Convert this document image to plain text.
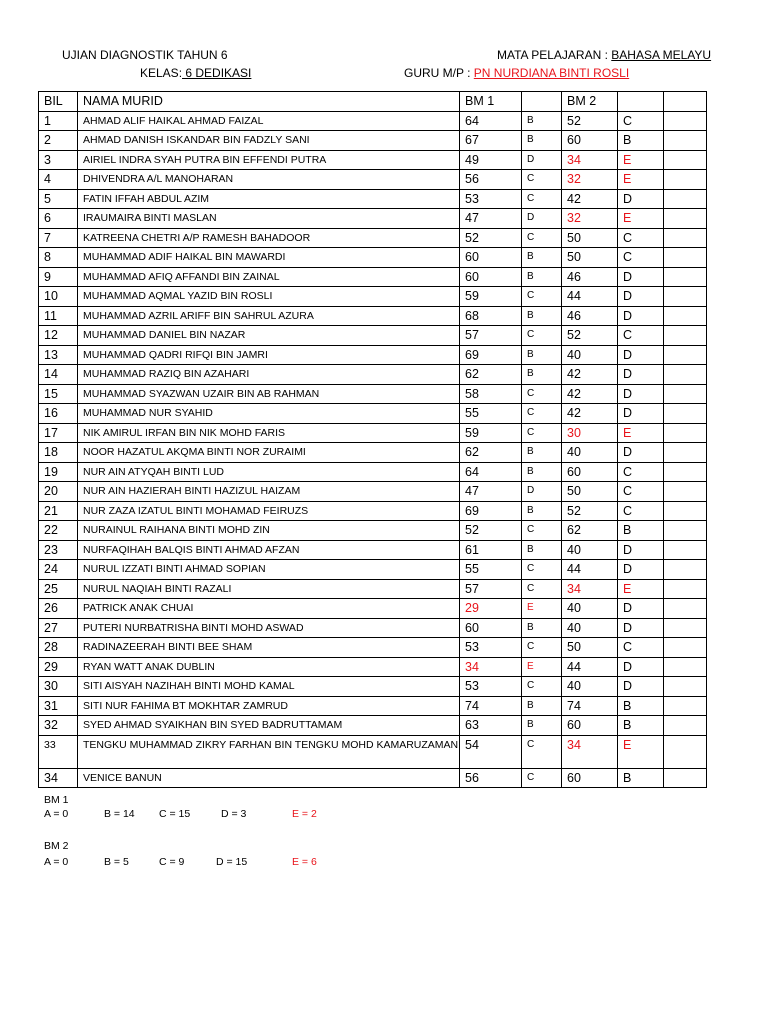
UJIAN DIAGNOSTIK TAHUN 6
KELAS: 6 DEDIKASI
MATA PELAJARAN : BAHASA MELAYU
GURU M/P : PN NURDIANA BINTI ROSLI
BIL	NAMA MURID	BM 1		BM 2		
1	AHMAD ALIF HAIKAL AHMAD FAIZAL	64	B	52	C	
2	AHMAD DANISH ISKANDAR BIN FADZLY SANI	67	B	60	B	
3	AIRIEL INDRA SYAH PUTRA BIN EFFENDI PUTRA	49	D	34	E	
4	DHIVENDRA A/L MANOHARAN	56	C	32	E	
5	FATIN IFFAH ABDUL AZIM	53	C	42	D	
6	IRAUMAIRA BINTI MASLAN	47	D	32	E	
7	KATREENA CHETRI A/P RAMESH BAHADOOR	52	C	50	C	
8	MUHAMMAD ADIF HAIKAL BIN MAWARDI	60	B	50	C	
9	MUHAMMAD AFIQ AFFANDI BIN ZAINAL	60	B	46	D	
10	MUHAMMAD AQMAL YAZID BIN ROSLI	59	C	44	D	
11	MUHAMMAD AZRIL ARIFF BIN SAHRUL AZURA	68	B	46	D	
12	MUHAMMAD DANIEL BIN NAZAR	57	C	52	C	
13	MUHAMMAD QADRI RIFQI BIN JAMRI	69	B	40	D	
14	MUHAMMAD RAZIQ BIN AZAHARI	62	B	42	D	
15	MUHAMMAD SYAZWAN UZAIR BIN AB RAHMAN	58	C	42	D	
16	MUHAMMAD NUR SYAHID	55	C	42	D	
17	NIK AMIRUL IRFAN BIN NIK MOHD FARIS	59	C	30	E	
18	NOOR HAZATUL AKQMA BINTI NOR ZURAIMI	62	B	40	D	
19	NUR AIN ATYQAH BINTI LUD	64	B	60	C	
20	NUR AIN HAZIERAH BINTI HAZIZUL HAIZAM	47	D	50	C	
21	NUR ZAZA IZATUL BINTI MOHAMAD FEIRUZS	69	B	52	C	
22	NURAINUL RAIHANA BINTI MOHD ZIN	52	C	62	B	
23	NURFAQIHAH BALQIS BINTI AHMAD AFZAN	61	B	40	D	
24	NURUL IZZATI BINTI AHMAD SOPIAN	55	C	44	D	
25	NURUL NAQIAH BINTI RAZALI	57	C	34	E	
26	PATRICK ANAK CHUAI	29	E	40	D	
27	PUTERI NURBATRISHA BINTI MOHD ASWAD	60	B	40	D	
28	RADINAZEERAH BINTI BEE SHAM	53	C	50	C	
29	RYAN WATT ANAK DUBLIN	34	E	44	D	
30	SITI AISYAH NAZIHAH BINTI MOHD KAMAL	53	C	40	D	
31	SITI NUR FAHIMA BT MOKHTAR ZAMRUD	74	B	74	B	
32	SYED AHMAD SYAIKHAN BIN SYED BADRUTTAMAM	63	B	60	B	
33	TENGKU MUHAMMAD ZIKRY FARHAN BIN TENGKU MOHD KAMARUZAMAN	54	C	34	E	
34	VENICE BANUN	56	C	60	B	
BM 1
A = 0	B = 14 C = 15	D = 3	E = 2
BM 2
A = 0	B = 5	C = 9	D = 15	E = 6
